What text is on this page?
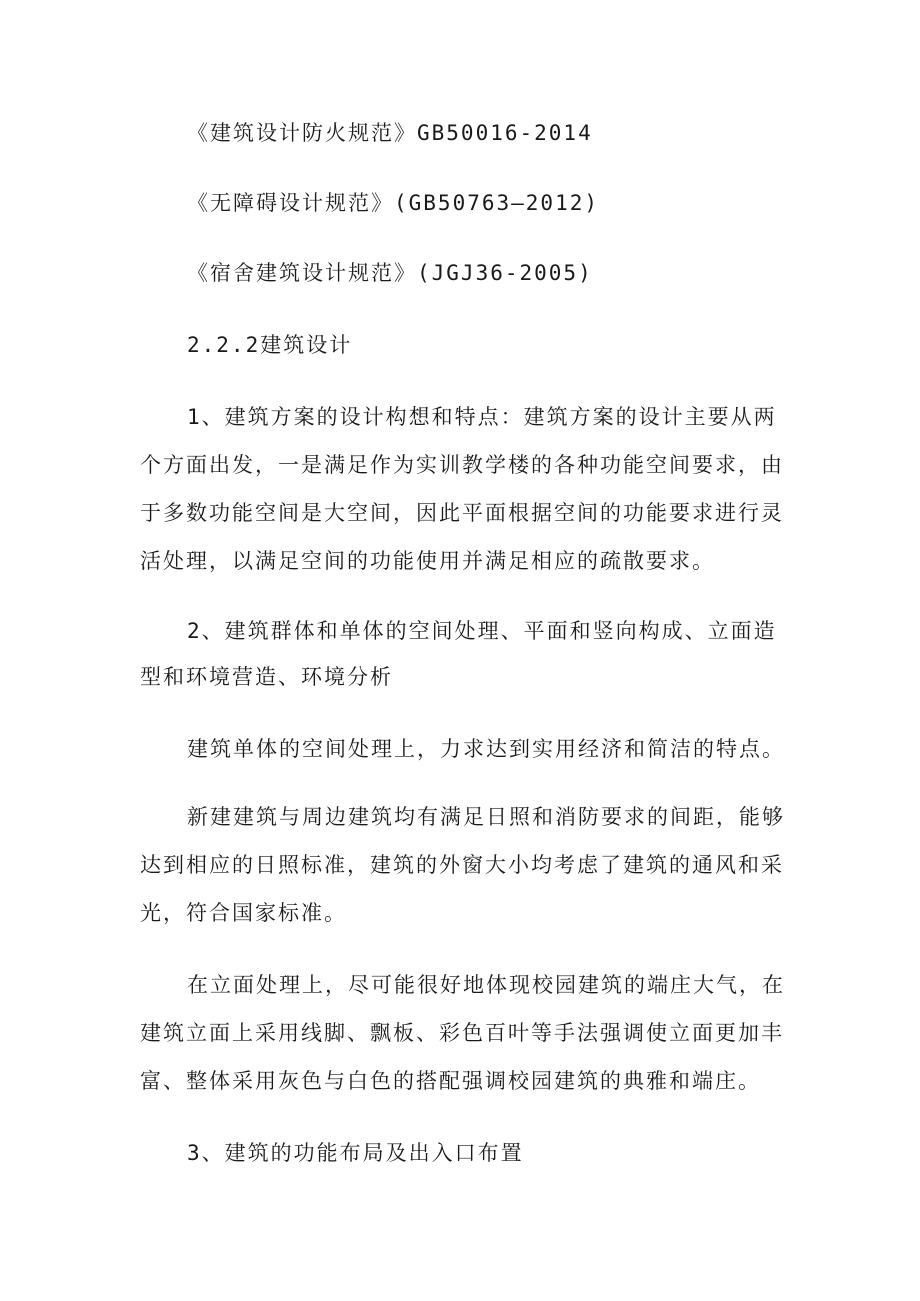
《建筑设计防火规范》GB50016-2014
《无障碍设计规范》(GB50763—2012)
《宿舍建筑设计规范》(JGJ36-2005)
2.2.2建筑设计
1、建筑方案的设计构想和特点：建筑方案的设计主要从两
个方面出发，一是满足作为实训教学楼的各种功能空间要求，由
于多数功能空间是大空间，因此平面根据空间的功能要求进行灵
活处理，以满足空间的功能使用并满足相应的疏散要求。
2、建筑群体和单体的空间处理、平面和竖向构成、立面造
型和环境营造、环境分析
建筑单体的空间处理上，力求达到实用经济和简洁的特点。
新建建筑与周边建筑均有满足日照和消防要求的间距，能够
达到相应的日照标准，建筑的外窗大小均考虑了建筑的通风和采
光，符合国家标准。
在立面处理上，尽可能很好地体现校园建筑的端庄大气，在
建筑立面上采用线脚、飘板、彩色百叶等手法强调使立面更加丰
富、整体采用灰色与白色的搭配强调校园建筑的典雅和端庄。
3、建筑的功能布局及出入口布置
